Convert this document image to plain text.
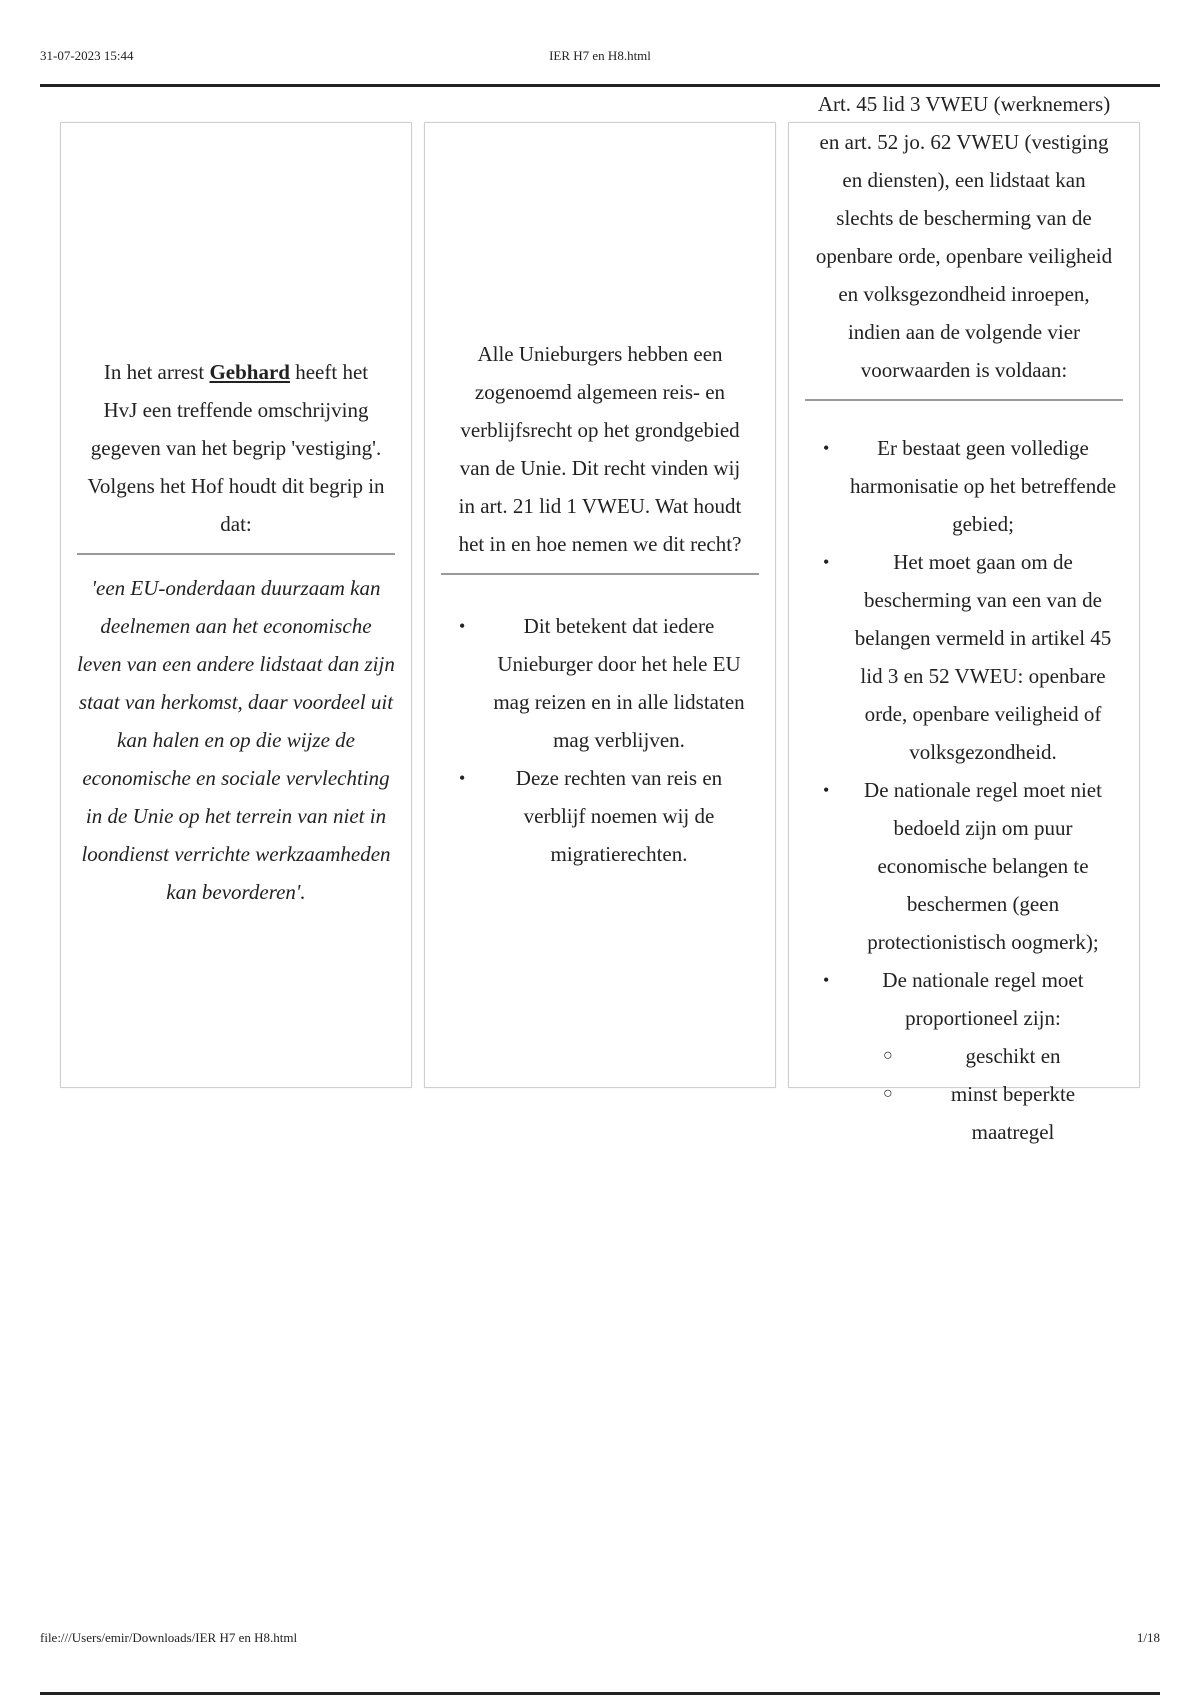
31-07-2023 15:44	IER H7 en H8.html

In het arrest Gebhard heeft het HvJ een treffende omschrijving gegeven van het begrip 'vestiging'. Volgens het Hof houdt dit begrip in dat:

'een EU-onderdaan duurzaam kan deelnemen aan het economische leven van een andere lidstaat dan zijn staat van herkomst, daar voordeel uit kan halen en op die wijze de economische en sociale vervlechting in de Unie op het terrein van niet in loondienst verrichte werkzaamheden kan bevorderen'.

Alle Unieburgers hebben een zogenoemd algemeen reis- en verblijfsrecht op het grondgebied van de Unie. Dit recht vinden wij in art. 21 lid 1 VWEU. Wat houdt het in en hoe nemen we dit recht?

•	Dit betekent dat iedere Unieburger door het hele EU mag reizen en in alle lidstaten mag verblijven.
• Deze rechten van reis en verblijf noemen wij de migratierechten.

Art. 45 lid 3 VWEU (werknemers) en art. 52 jo. 62 VWEU (vestiging en diensten), een lidstaat kan slechts de bescherming van de openbare orde, openbare veiligheid en volksgezondheid inroepen, indien aan de volgende vier voorwaarden is voldaan:

• Er bestaat geen volledige harmonisatie op het betreffende gebied;
•	Het moet gaan om de bescherming van een van de belangen vermeld in artikel 45 lid 3 en 52 VWEU: openbare orde, openbare veiligheid of volksgezondheid.
• De nationale regel moet niet bedoeld zijn om puur economische belangen te beschermen (geen protectionistisch oogmerk);
•	De nationale regel moet proportioneel zijn:
○	geschikt en
○	minst beperkte maatregel
file:///Users/emir/Downloads/IER H7 en H8.html	1/18
